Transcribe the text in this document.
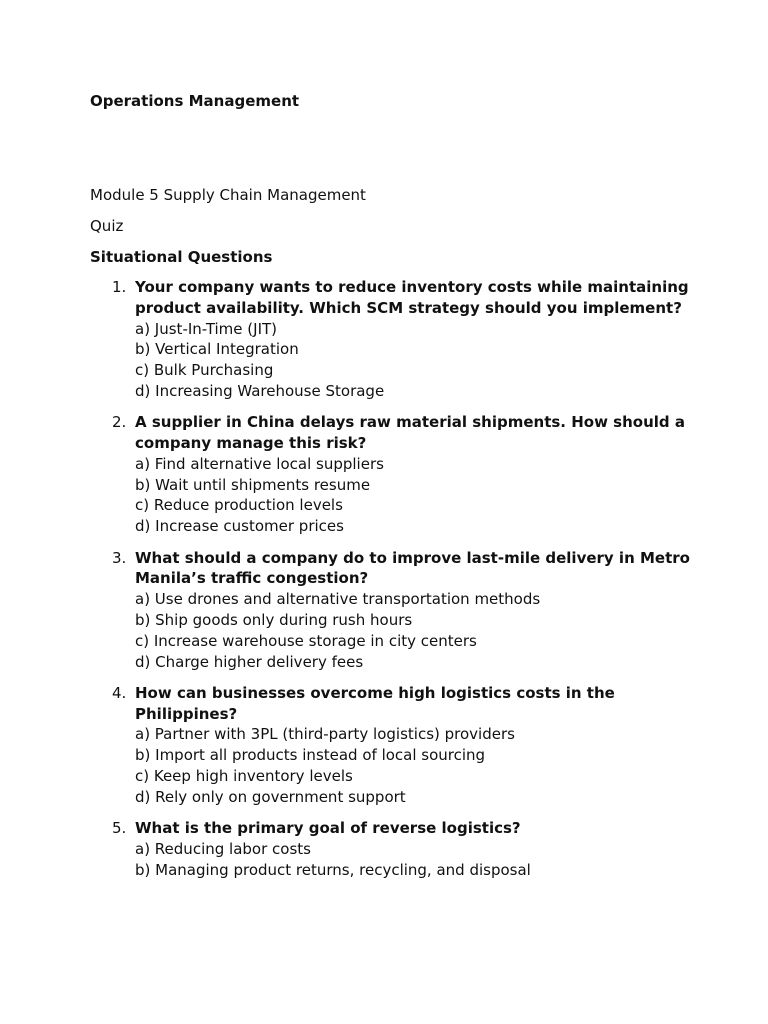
Operations Management
Module 5 Supply Chain Management
Quiz
Situational Questions
1. Your company wants to reduce inventory costs while maintaining product availability. Which SCM strategy should you implement?
a) Just-In-Time (JIT)
b) Vertical Integration
c) Bulk Purchasing
d) Increasing Warehouse Storage
2. A supplier in China delays raw material shipments. How should a company manage this risk?
a) Find alternative local suppliers
b) Wait until shipments resume
c) Reduce production levels
d) Increase customer prices
3. What should a company do to improve last-mile delivery in Metro Manila’s traffic congestion?
a) Use drones and alternative transportation methods
b) Ship goods only during rush hours
c) Increase warehouse storage in city centers
d) Charge higher delivery fees
4. How can businesses overcome high logistics costs in the Philippines?
a) Partner with 3PL (third-party logistics) providers
b) Import all products instead of local sourcing
c) Keep high inventory levels
d) Rely only on government support
5. What is the primary goal of reverse logistics?
a) Reducing labor costs
b) Managing product returns, recycling, and disposal
